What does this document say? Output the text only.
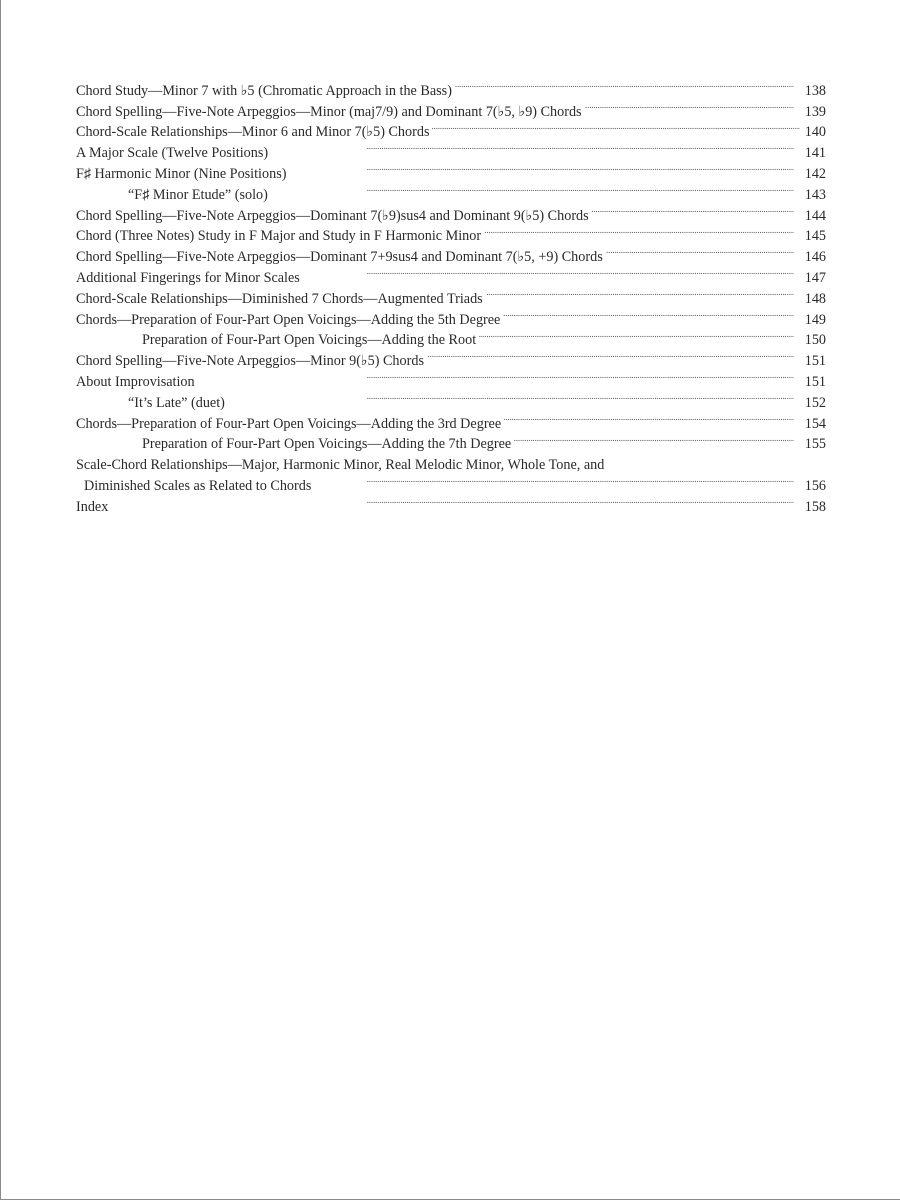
Chord Study—Minor 7 with ♭5 (Chromatic Approach in the Bass) . . .	138
Chord Spelling—Five-Note Arpeggios—Minor (maj7/9) and Dominant 7(♭5, ♭9) Chords . . .	139
Chord-Scale Relationships—Minor 6 and Minor 7(♭5) Chords . . .	140
A Major Scale (Twelve Positions) . . .	141
F♯ Harmonic Minor (Nine Positions) . . .	142
“F♯ Minor Etude” (solo) . . .	143
Chord Spelling—Five-Note Arpeggios—Dominant 7(♭9)sus4 and Dominant 9(♭5) Chords . . .	144
Chord (Three Notes) Study in F Major and Study in F Harmonic Minor . . .	145
Chord Spelling—Five-Note Arpeggios—Dominant 7+9sus4 and Dominant 7(♭5, +9) Chords . . .	146
Additional Fingerings for Minor Scales . . .	147
Chord-Scale Relationships—Diminished 7 Chords—Augmented Triads . . .	148
Chords—Preparation of Four-Part Open Voicings—Adding the 5th Degree . . .	149
Preparation of Four-Part Open Voicings—Adding the Root . . .	150
Chord Spelling—Five-Note Arpeggios—Minor 9(♭5) Chords . . .	151
About Improvisation . . .	151
“It’s Late” (duet) . . .	152
Chords—Preparation of Four-Part Open Voicings—Adding the 3rd Degree . . .	154
Preparation of Four-Part Open Voicings—Adding the 7th Degree . . .	155
Scale-Chord Relationships—Major, Harmonic Minor, Real Melodic Minor, Whole Tone, and
Diminished Scales as Related to Chords . . .	156
Index . . .	158
